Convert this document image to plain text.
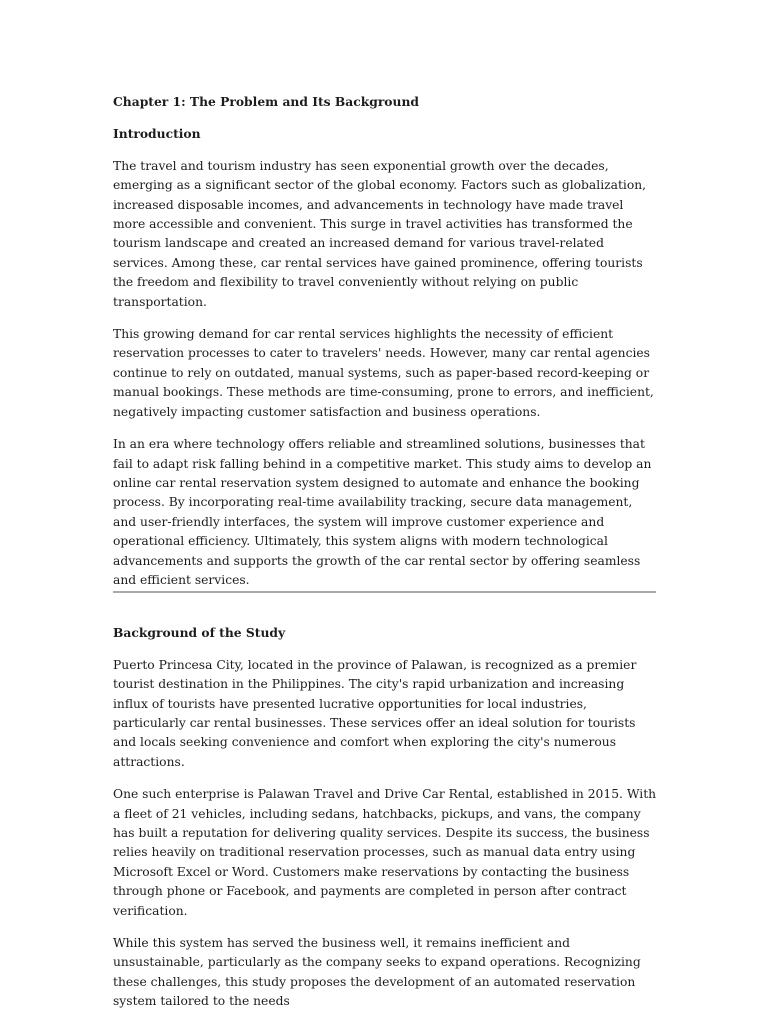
Chapter 1: The Problem and Its Background

Introduction

The travel and tourism industry has seen exponential growth over the decades, emerging as a significant sector of the global economy. Factors such as globalization, increased disposable incomes, and advancements in technology have made travel more accessible and convenient. This surge in travel activities has transformed the tourism landscape and created an increased demand for various travel-related services. Among these, car rental services have gained prominence, offering tourists the freedom and flexibility to travel conveniently without relying on public transportation.

This growing demand for car rental services highlights the necessity of efficient reservation processes to cater to travelers' needs. However, many car rental agencies continue to rely on outdated, manual systems, such as paper-based record-keeping or manual bookings. These methods are time-consuming, prone to errors, and inefficient, negatively impacting customer satisfaction and business operations.

In an era where technology offers reliable and streamlined solutions, businesses that fail to adapt risk falling behind in a competitive market. This study aims to develop an online car rental reservation system designed to automate and enhance the booking process. By incorporating real-time availability tracking, secure data management, and user-friendly interfaces, the system will improve customer experience and operational efficiency. Ultimately, this system aligns with modern technological advancements and supports the growth of the car rental sector by offering seamless and efficient services.

Background of the Study

Puerto Princesa City, located in the province of Palawan, is recognized as a premier tourist destination in the Philippines. The city's rapid urbanization and increasing influx of tourists have presented lucrative opportunities for local industries, particularly car rental businesses. These services offer an ideal solution for tourists and locals seeking convenience and comfort when exploring the city's numerous attractions.

One such enterprise is Palawan Travel and Drive Car Rental, established in 2015. With a fleet of 21 vehicles, including sedans, hatchbacks, pickups, and vans, the company has built a reputation for delivering quality services. Despite its success, the business relies heavily on traditional reservation processes, such as manual data entry using Microsoft Excel or Word. Customers make reservations by contacting the business through phone or Facebook, and payments are completed in person after contract verification.

While this system has served the business well, it remains inefficient and unsustainable, particularly as the company seeks to expand operations. Recognizing these challenges, this study proposes the development of an automated reservation system tailored to the needs
